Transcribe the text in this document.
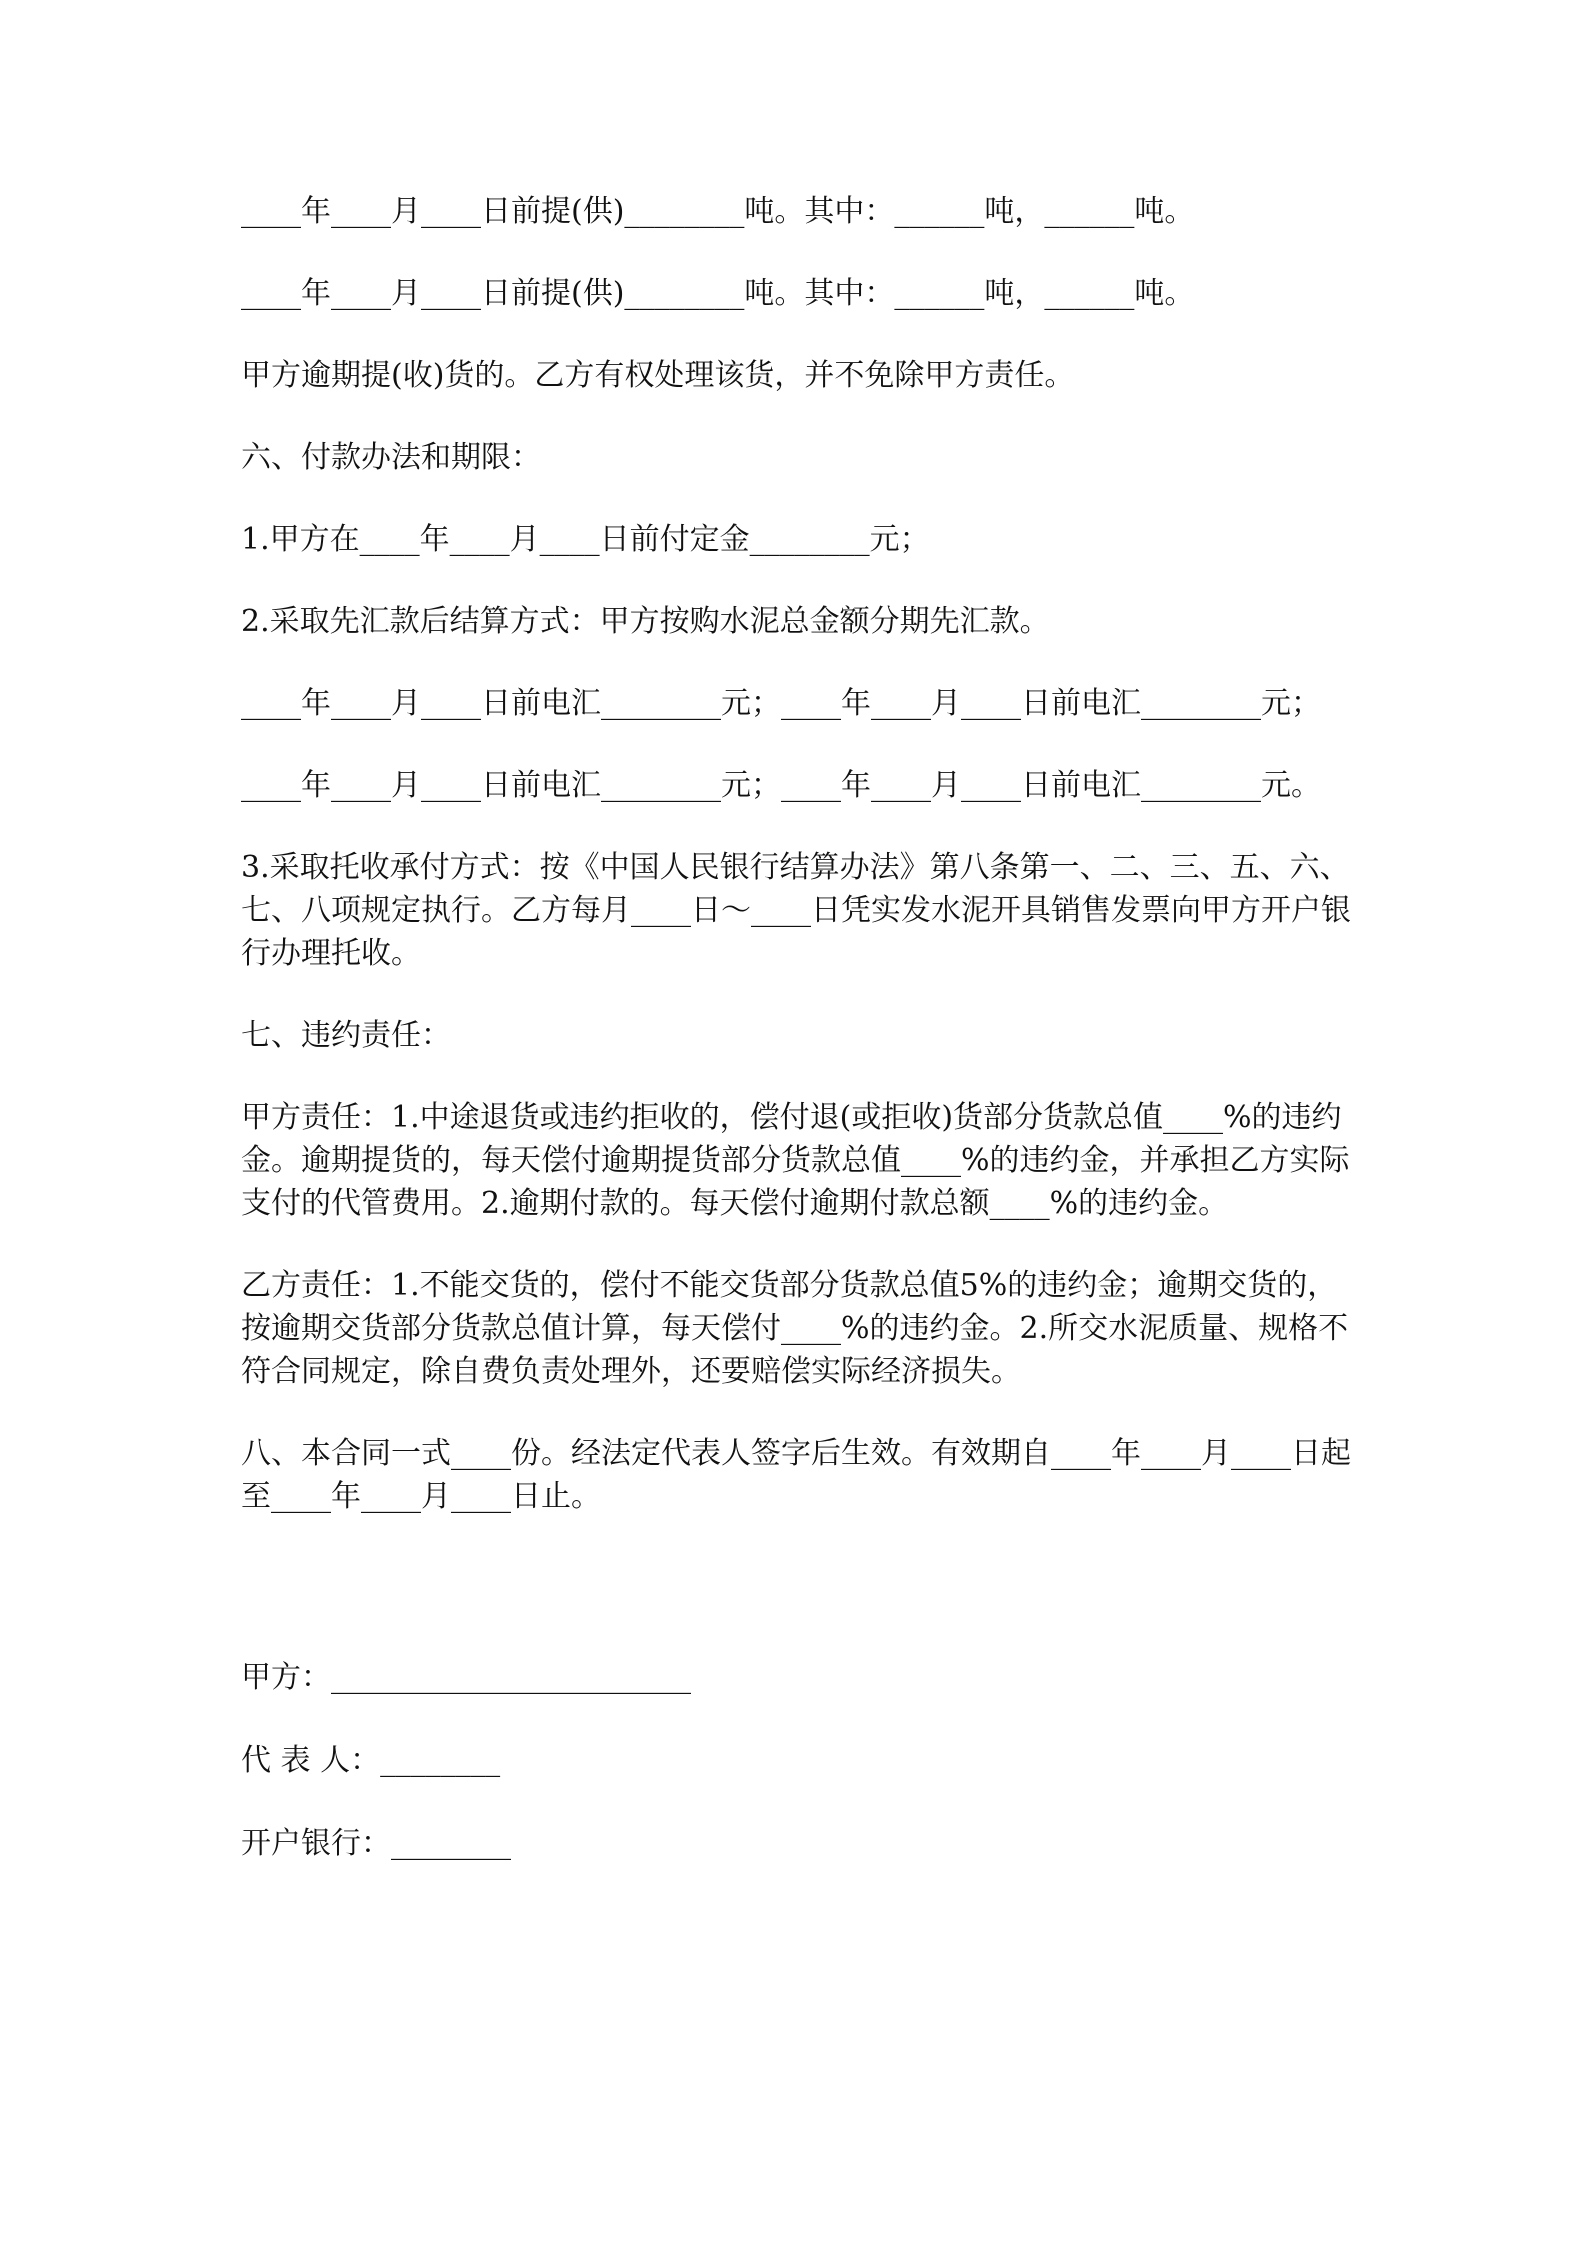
____年____月____日前提(供)________吨。其中：______吨，______吨。

____年____月____日前提(供)________吨。其中：______吨，______吨。

甲方逾期提(收)货的。乙方有权处理该货，并不免除甲方责任。

六、付款办法和期限：

1.甲方在____年____月____日前付定金________元；

2.采取先汇款后结算方式：甲方按购水泥总金额分期先汇款。

____年____月____日前电汇________元；____年____月____日前电汇________元；

____年____月____日前电汇________元；____年____月____日前电汇________元。

3.采取托收承付方式：按《中国人民银行结算办法》第八条第一、二、三、五、六、七、八项规定执行。乙方每月____日～____日凭实发水泥开具销售发票向甲方开户银行办理托收。

七、违约责任：

甲方责任：1.中途退货或违约拒收的，偿付退(或拒收)货部分货款总值____%的违约金。逾期提货的，每天偿付逾期提货部分货款总值____%的违约金，并承担乙方实际支付的代管费用。2.逾期付款的。每天偿付逾期付款总额____%的违约金。

乙方责任：1.不能交货的，偿付不能交货部分货款总值5%的违约金；逾期交货的，按逾期交货部分货款总值计算，每天偿付____%的违约金。2.所交水泥质量、规格不符合同规定，除自费负责处理外，还要赔偿实际经济损失。

八、本合同一式____份。经法定代表人签字后生效。有效期自____年____月____日起至____年____月____日止。

甲方：________________________

代 表 人：________

开户银行：________
